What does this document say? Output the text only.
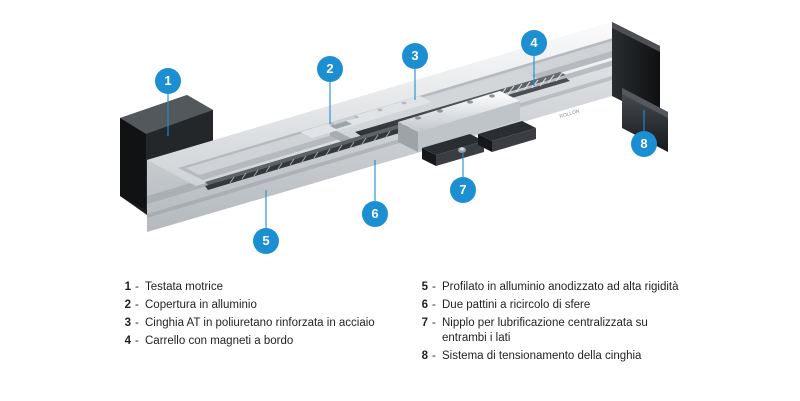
ROLLON
1
2
3
4
5
6
7
8
1 - Testata motrice
2 - Copertura in alluminio
3 - Cinghia AT in poliuretano rinforzata in acciaio
4 - Carrello con magneti a bordo
5 - Profilato in alluminio anodizzato ad alta rigidità
6 - Due pattini a ricircolo di sfere
7 - Nipplo per lubrificazione centralizzata su entrambi i lati
8 - Sistema di tensionamento della cinghia
